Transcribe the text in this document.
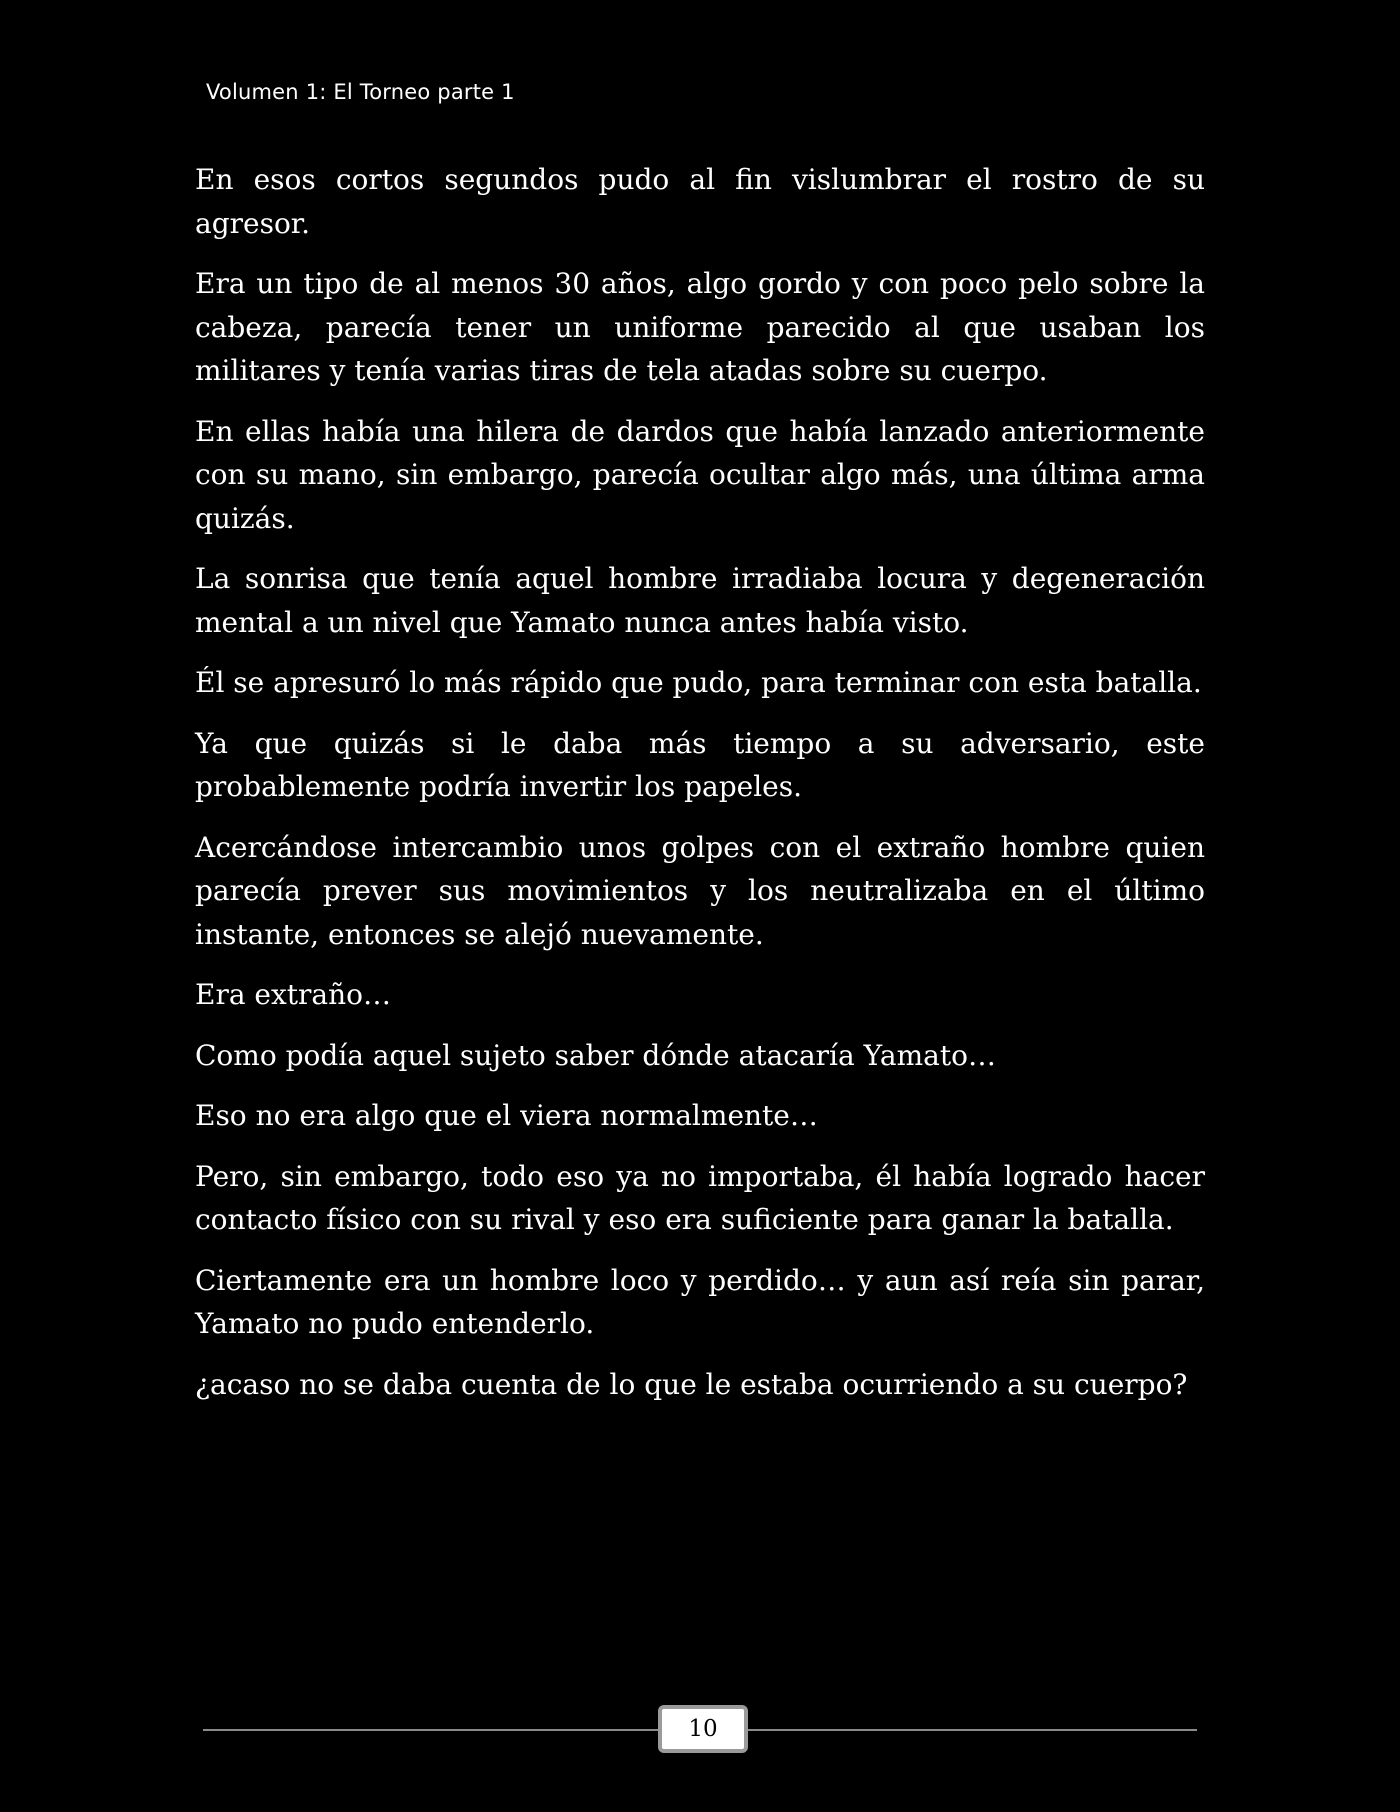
Volumen 1: El Torneo parte 1

En esos cortos segundos pudo al fin vislumbrar el rostro de su agresor.

Era un tipo de al menos 30 años, algo gordo y con poco pelo sobre la cabeza, parecía tener un uniforme parecido al que usaban los militares y tenía varias tiras de tela atadas sobre su cuerpo.

En ellas había una hilera de dardos que había lanzado anteriormente con su mano, sin embargo, parecía ocultar algo más, una última arma quizás.

La sonrisa que tenía aquel hombre irradiaba locura y degeneración mental a un nivel que Yamato nunca antes había visto.

Él se apresuró lo más rápido que pudo, para terminar con esta batalla.

Ya que quizás si le daba más tiempo a su adversario, este probablemente podría invertir los papeles.

Acercándose intercambio unos golpes con el extraño hombre quien parecía prever sus movimientos y los neutralizaba en el último instante, entonces se alejó nuevamente.

Era extraño…

Como podía aquel sujeto saber dónde atacaría Yamato…

Eso no era algo que el viera normalmente…

Pero, sin embargo, todo eso ya no importaba, él había logrado hacer contacto físico con su rival y eso era suficiente para ganar la batalla.

Ciertamente era un hombre loco y perdido… y aun así reía sin parar, Yamato no pudo entenderlo.

¿acaso no se daba cuenta de lo que le estaba ocurriendo a su cuerpo?

10
